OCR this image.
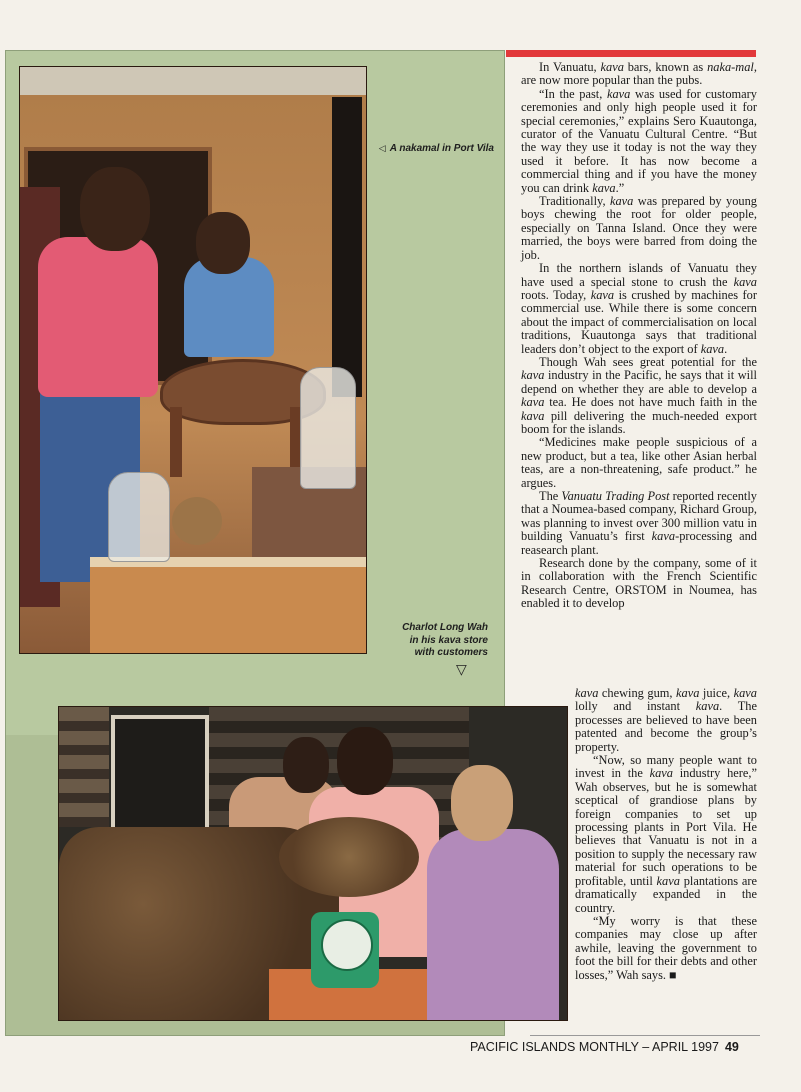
◁ A nakamal in Port Vila
Charlot Long Wah
in his kava store
with customers
▽

In Vanuatu, kava bars, known as naka-mal, are now more popular than the pubs.

“In the past, kava was used for customary ceremonies and only high people used it for special ceremonies,” explains Sero Kuautonga, curator of the Vanuatu Cultural Centre. “But the way they use it today is not the way they used it before. It has now become a commercial thing and if you have the money you can drink kava.”

Traditionally, kava was prepared by young boys chewing the root for older people, especially on Tanna Island. Once they were married, the boys were barred from doing the job.

In the northern islands of Vanuatu they have used a special stone to crush the kava roots. Today, kava is crushed by machines for commercial use. While there is some concern about the impact of commercialisation on local traditions, Kuautonga says that traditional leaders don’t object to the export of kava.

Though Wah sees great potential for the kava industry in the Pacific, he says that it will depend on whether they are able to develop a kava tea. He does not have much faith in the kava pill delivering the much-needed export boom for the islands.

“Medicines make people suspicious of a new product, but a tea, like other Asian herbal teas, are a non-threatening, safe product.” he argues.

The Vanuatu Trading Post reported recently that a Noumea-based company, Richard Group, was planning to invest over 300 million vatu in building Vanuatu’s first kava-processing and reasearch plant.

Research done by the company, some of it in collaboration with the French Scientific Research Centre, ORSTOM in Noumea, has enabled it to develop

kava chewing gum, kava juice, kava lolly and instant kava. The processes are believed to have been patented and become the group’s property.

“Now, so many people want to invest in the kava industry here,” Wah observes, but he is somewhat sceptical of grandiose plans by foreign companies to set up processing plants in Port Vila. He believes that Vanuatu is not in a position to supply the necessary raw material for such operations to be profitable, until kava plantations are dramatically expanded in the country.

“My worry is that these companies may close up after awhile, leaving the government to foot the bill for their debts and other losses,” Wah says. ■

PACIFIC ISLANDS MONTHLY – APRIL 1997 49
